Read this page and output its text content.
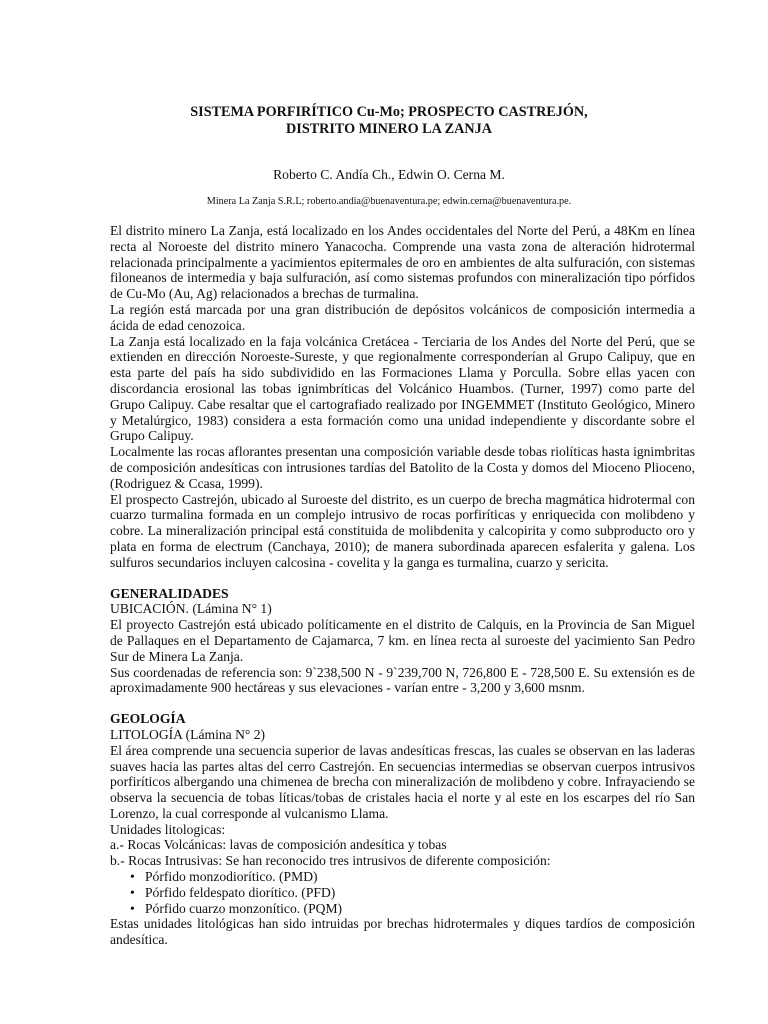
SISTEMA PORFIRÍTICO Cu-Mo; PROSPECTO CASTREJÓN,
DISTRITO MINERO LA ZANJA
Roberto C. Andía Ch., Edwin O. Cerna M.
Minera La Zanja S.R.L; roberto.andia@buenaventura.pe; edwin.cerna@buenaventura.pe.

El distrito minero La Zanja, está localizado en los Andes occidentales del Norte del Perú, a 48Km en línea recta al Noroeste del distrito minero Yanacocha. Comprende una vasta zona de alteración hidrotermal relacionada principalmente a yacimientos epitermales de oro en ambientes de alta sulfuración, con sistemas filoneanos de intermedia y baja sulfuración, así como sistemas profundos con mineralización tipo pórfidos de Cu-Mo (Au, Ag) relacionados a brechas de turmalina.

La región está marcada por una gran distribución de depósitos volcánicos de composición intermedia a ácida de edad cenozoica.

La Zanja está localizado en la faja volcánica Cretácea - Terciaria de los Andes del Norte del Perú, que se extienden en dirección Noroeste-Sureste, y que regionalmente corresponderían al Grupo Calipuy, que en esta parte del país ha sido subdividido en las Formaciones Llama y Porculla. Sobre ellas yacen con discordancia erosional las tobas ignimbríticas del Volcánico Huambos. (Turner, 1997) como parte del Grupo Calipuy. Cabe resaltar que el cartografiado realizado por INGEMMET (Instituto Geológico, Minero y Metalúrgico, 1983) considera a esta formación como una unidad independiente y discordante sobre el Grupo Calipuy.

Localmente las rocas aflorantes presentan una composición variable desde tobas riolíticas hasta ignimbritas de composición andesíticas con intrusiones tardías del Batolito de la Costa y domos del Mioceno Plioceno, (Rodriguez & Ccasa, 1999).

El prospecto Castrejón, ubicado al Suroeste del distrito, es un cuerpo de brecha magmática hidrotermal con cuarzo turmalina formada en un complejo intrusivo de rocas porfiríticas y enriquecida con molibdeno y cobre. La mineralización principal está constituida de molibdenita y calcopirita y como subproducto oro y plata en forma de electrum (Canchaya, 2010); de manera subordinada aparecen esfalerita y galena. Los sulfuros secundarios incluyen calcosina - covelita y la ganga es turmalina, cuarzo y sericita.

GENERALIDADES

UBICACIÓN. (Lámina N° 1)

El proyecto Castrejón está ubicado políticamente en el distrito de Calquis, en la Provincia de San Miguel de Pallaques en el Departamento de Cajamarca, 7 km. en línea recta al suroeste del yacimiento San Pedro Sur de Minera La Zanja.

Sus coordenadas de referencia son: 9`238,500 N - 9`239,700 N, 726,800 E - 728,500 E. Su extensión es de aproximadamente 900 hectáreas y sus elevaciones - varían entre - 3,200 y 3,600 msnm.

GEOLOGÍA

LITOLOGÍA (Lámina N° 2)

El área comprende una secuencia superior de lavas andesíticas frescas, las cuales se observan en las laderas suaves hacia las partes altas del cerro Castrejón. En secuencias intermedias se observan cuerpos intrusivos porfiríticos albergando una chimenea de brecha con mineralización de molibdeno y cobre. Infrayaciendo se observa la secuencia de tobas líticas/tobas de cristales hacia el norte y al este en los escarpes del río San Lorenzo, la cual corresponde al vulcanismo Llama.

Unidades litologicas:

a.- Rocas Volcánicas: lavas de composición andesítica y tobas

b.- Rocas Intrusivas: Se han reconocido tres intrusivos de diferente composición:

• Pórfido monzodiorítico. (PMD)
• Pórfido feldespato diorítico. (PFD)
• Pórfido cuarzo monzonítico. (PQM)

Estas unidades litológicas han sido intruidas por brechas hidrotermales y diques tardíos de composición andesítica.
